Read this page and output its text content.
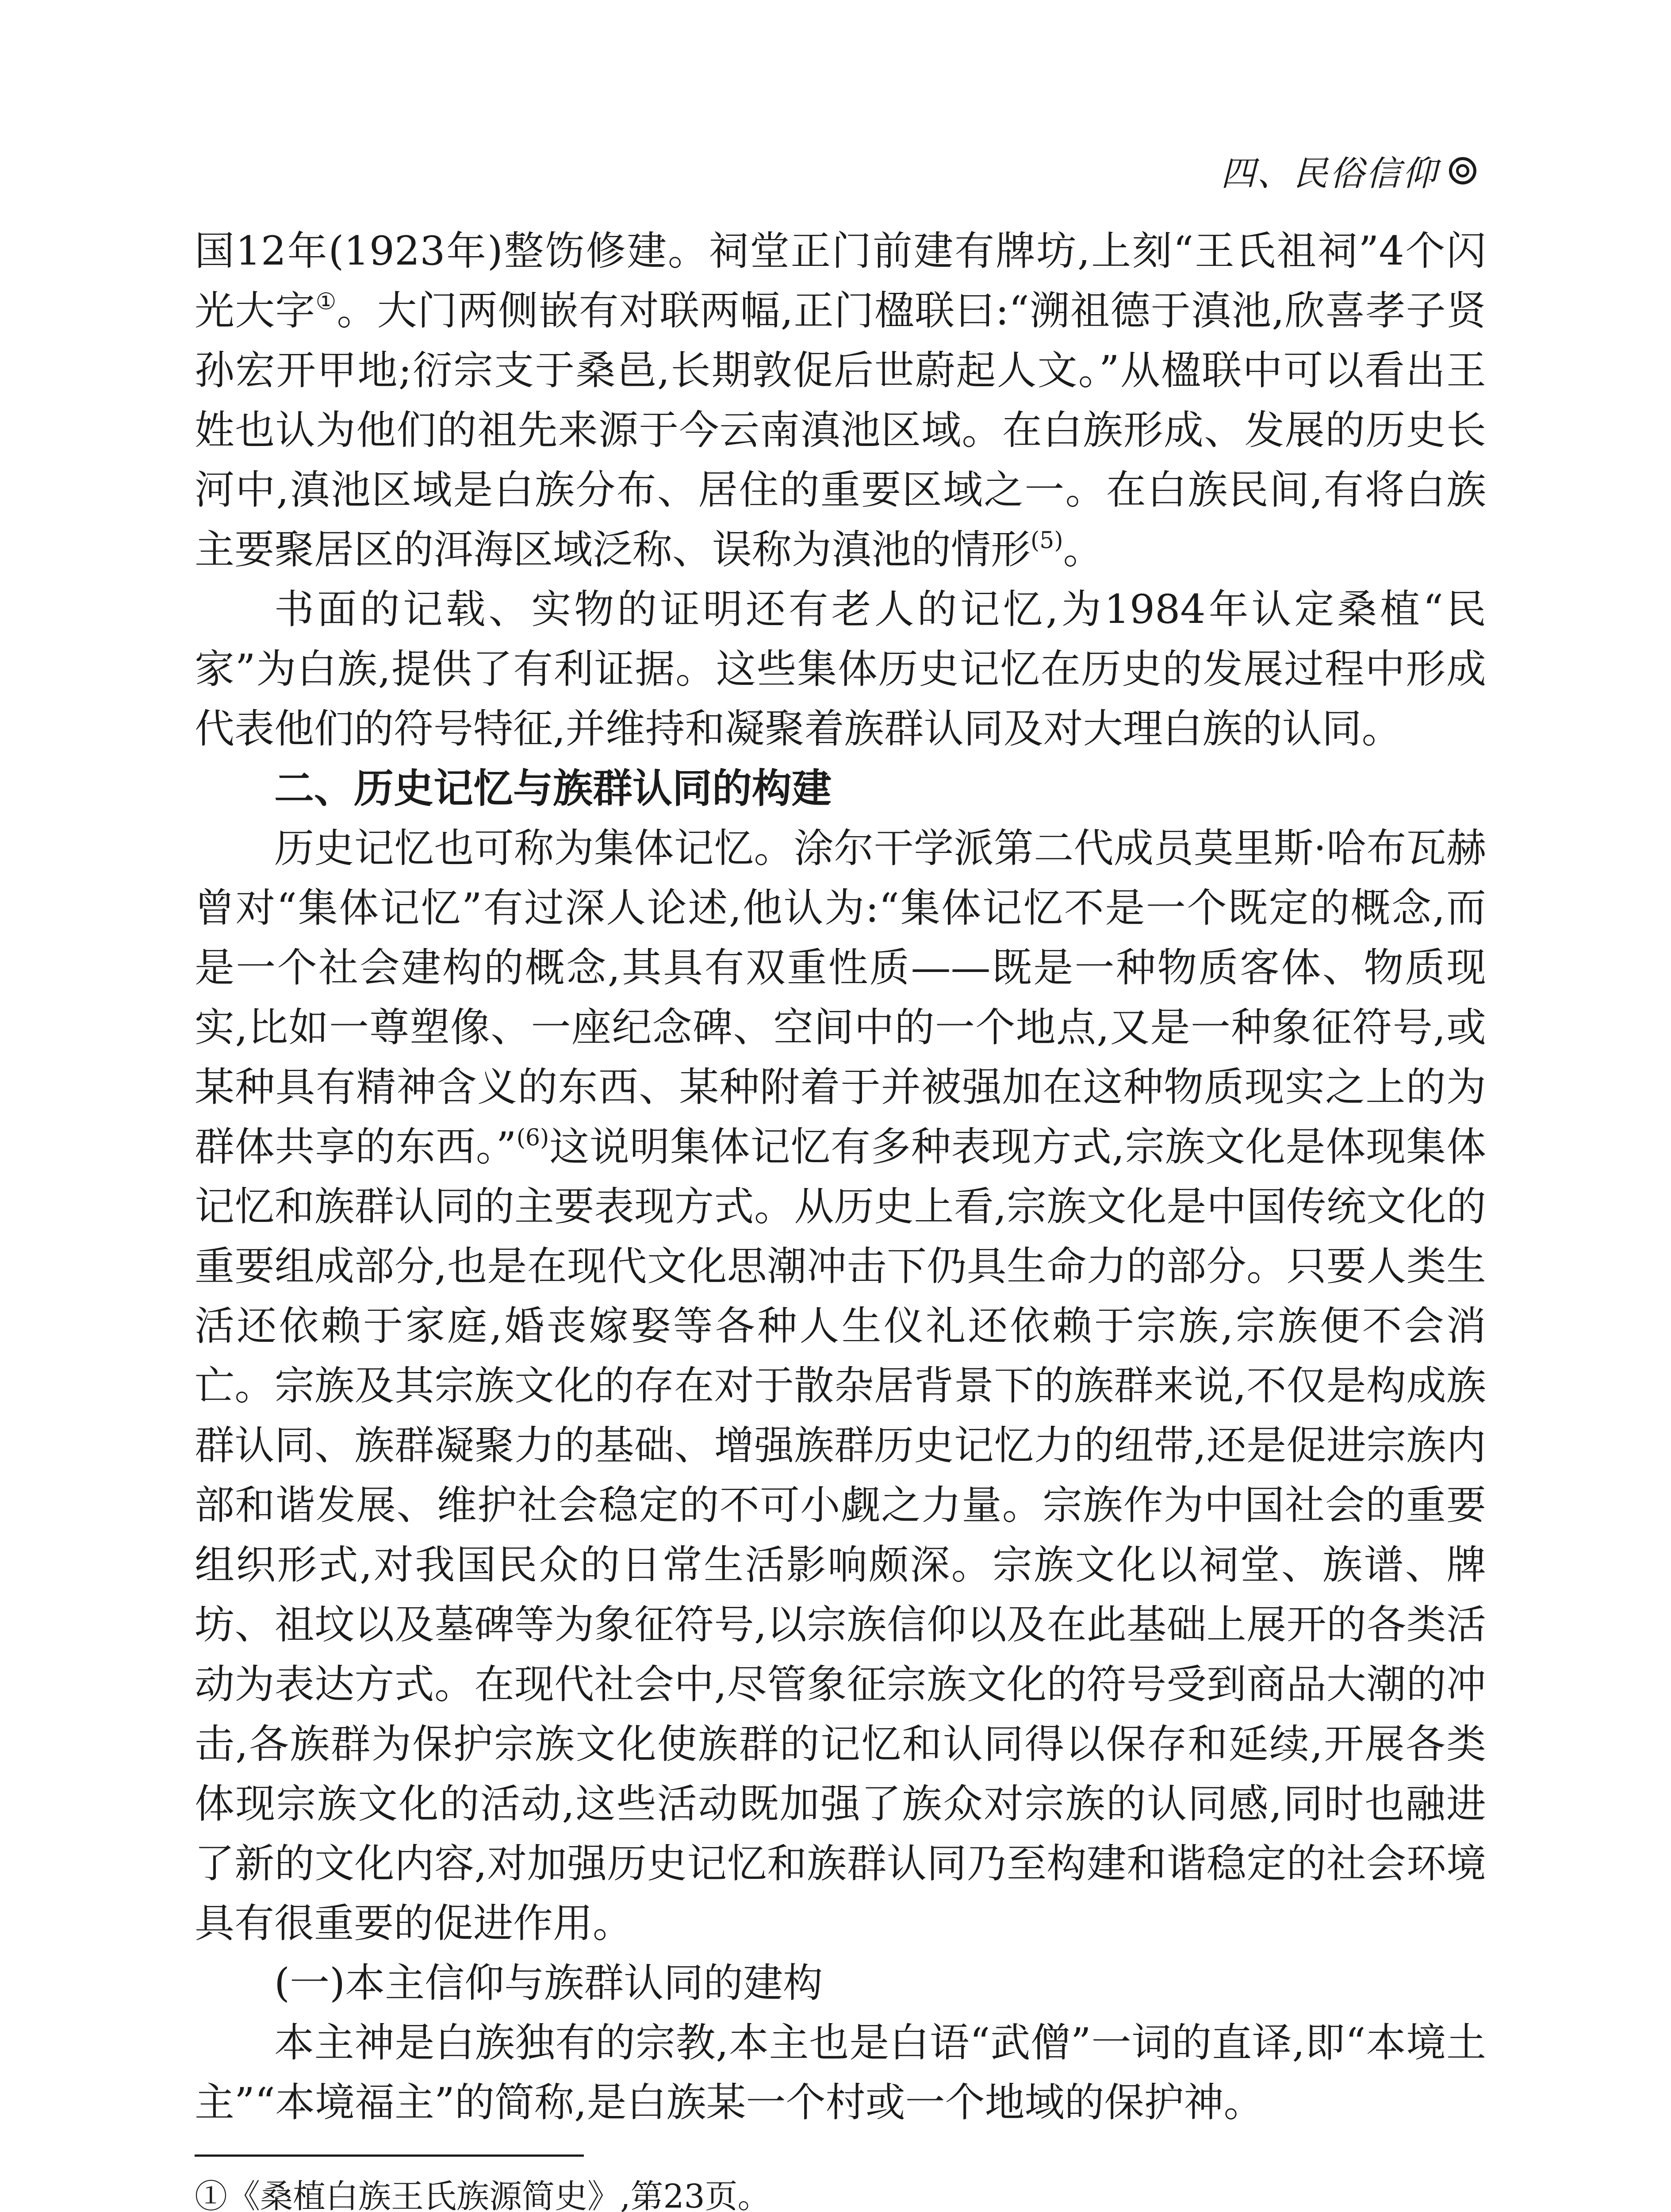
四、民俗信仰

国12年(1923年)整饬修建。祠堂正门前建有牌坊,上刻“王氏祖祠”4个闪光大字①。大门两侧嵌有对联两幅,正门楹联曰:“溯祖德于滇池,欣喜孝子贤孙宏开甲地;衍宗支于桑邑,长期敦促后世蔚起人文。”从楹联中可以看出王姓也认为他们的祖先来源于今云南滇池区域。在白族形成、发展的历史长河中,滇池区域是白族分布、居住的重要区域之一。在白族民间,有将白族主要聚居区的洱海区域泛称、误称为滇池的情形$^{(5)}$。

书面的记载、实物的证明还有老人的记忆,为1984年认定桑植“民家”为白族,提供了有利证据。这些集体历史记忆在历史的发展过程中形成代表他们的符号特征,并维持和凝聚着族群认同及对大理白族的认同。

二、历史记忆与族群认同的构建

历史记忆也可称为集体记忆。涂尔干学派第二代成员莫里斯·哈布瓦赫曾对“集体记忆”有过深人论述,他认为:“集体记忆不是一个既定的概念,而是一个社会建构的概念,其具有双重性质——既是一种物质客体、物质现实,比如一尊塑像、一座纪念碑、空间中的一个地点,又是一种象征符号,或某种具有精神含义的东西、某种附着于并被强加在这种物质现实之上的为群体共享的东西。”$^{(6)}$这说明集体记忆有多种表现方式,宗族文化是体现集体记忆和族群认同的主要表现方式。从历史上看,宗族文化是中国传统文化的重要组成部分,也是在现代文化思潮冲击下仍具生命力的部分。只要人类生活还依赖于家庭,婚丧嫁娶等各种人生仪礼还依赖于宗族,宗族便不会消亡。宗族及其宗族文化的存在对于散杂居背景下的族群来说,不仅是构成族群认同、族群凝聚力的基础、增强族群历史记忆力的纽带,还是促进宗族内部和谐发展、维护社会稳定的不可小觑之力量。宗族作为中国社会的重要组织形式,对我国民众的日常生活影响颇深。宗族文化以祠堂、族谱、牌坊、祖坟以及墓碑等为象征符号,以宗族信仰以及在此基础上展开的各类活动为表达方式。在现代社会中,尽管象征宗族文化的符号受到商品大潮的冲击,各族群为保护宗族文化使族群的记忆和认同得以保存和延续,开展各类体现宗族文化的活动,这些活动既加强了族众对宗族的认同感,同时也融进了新的文化内容,对加强历史记忆和族群认同乃至构建和谐稳定的社会环境具有很重要的促进作用。

(一)本主信仰与族群认同的建构

本主神是白族独有的宗教,本主也是白语“武僧”一词的直译,即“本境土主”“本境福主”的简称,是白族某一个村或一个地域的保护神。

①《桑植白族王氏族源简史》,第23页。
